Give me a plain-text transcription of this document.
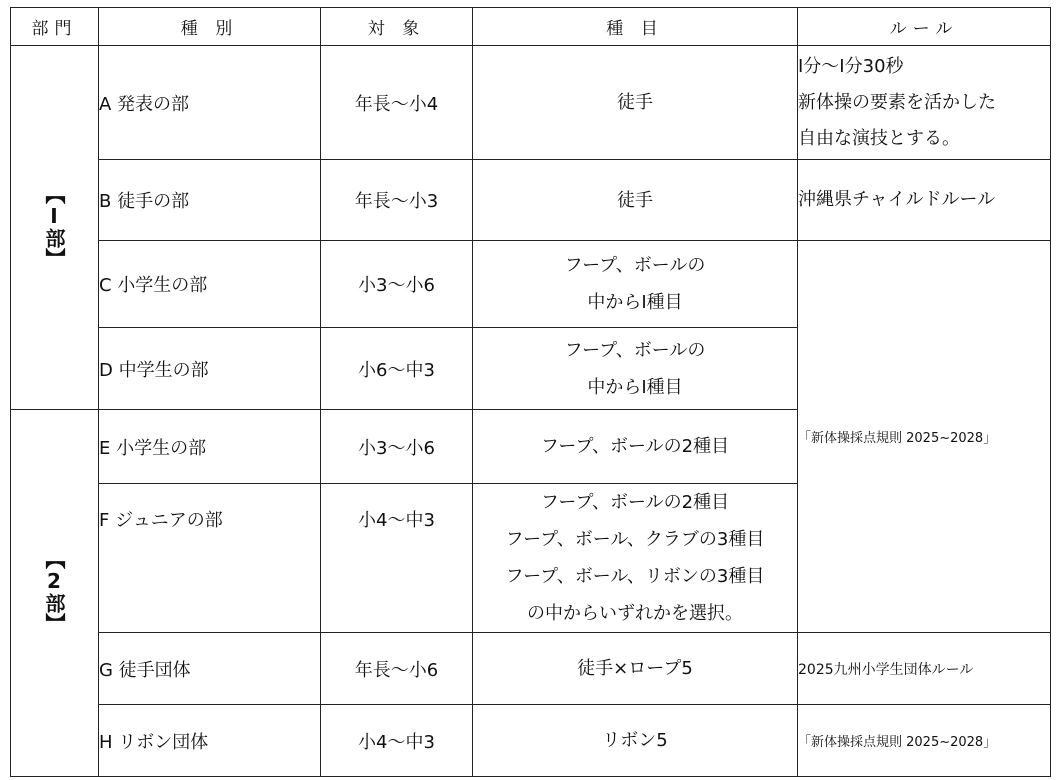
部門	種 別	対 象	種 目	ルール
【Ⅰ部】	A 発表の部	年長〜小4	徒手	Ⅰ分〜Ⅰ分30秒
新体操の要素を活かした
自由な演技とする。

	B 徒手の部	年長〜小3	徒手	沖縄県チャイルドルール

	C 小学生の部	小3〜小6	フープ、ボールの
中からⅠ種目	「新体操採点規則 2025~2028」
	D 中学生の部	小6〜中3	フープ、ボールの
中からⅠ種目	

【2部】	E 小学生の部	小3〜小6	フープ、ボールの2種目	

	F ジュニアの部	小4〜中3	フープ、ボールの2種目
フープ、ボール、クラブの3種目
フープ、ボール、リボンの3種目
の中からいずれかを選択。	

	G 徒手団体	年長〜小6	徒手×ロープ5	2025九州小学生団体ルール

	H リボン団体	小4〜中3	リボン5	「新体操採点規則 2025~2028」
